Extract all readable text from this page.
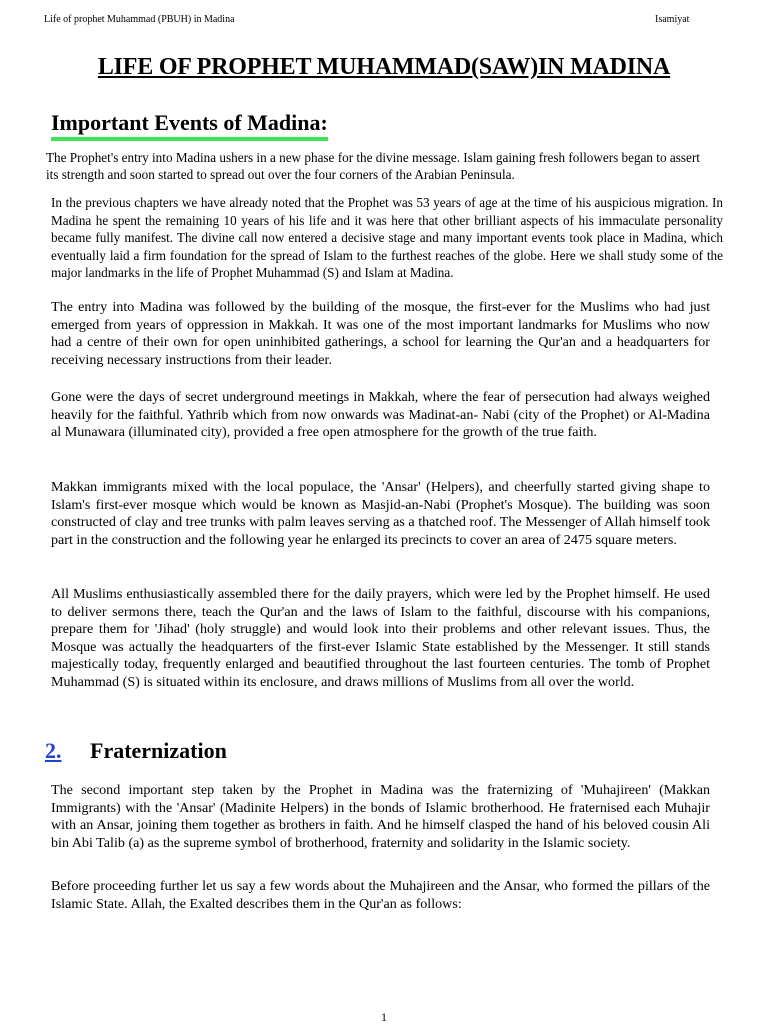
Life of prophet Muhammad (PBUH) in Madina	Isamiyat
LIFE OF PROPHET MUHAMMAD(SAW)IN MADINA
Important Events of Madina:

The Prophet's entry into Madina ushers in a new phase for the divine message. Islam gaining fresh followers began to assert its strength and soon started to spread out over the four corners of the Arabian Peninsula.

In the previous chapters we have already noted that the Prophet was 53 years of age at the time of his auspicious migration. In Madina he spent the remaining 10 years of his life and it was here that other brilliant aspects of his immaculate personality became fully manifest. The divine call now entered a decisive stage and many important events took place in Madina, which eventually laid a firm foundation for the spread of Islam to the furthest reaches of the globe. Here we shall study some of the major landmarks in the life of Prophet Muhammad (S) and Islam at Madina.

The entry into Madina was followed by the building of the mosque, the first-ever for the Muslims who had just emerged from years of oppression in Makkah. It was one of the most important landmarks for Muslims who now had a centre of their own for open uninhibited gatherings, a school for learning the Qur'an and a headquarters for receiving necessary instructions from their leader.

Gone were the days of secret underground meetings in Makkah, where the fear of persecution had always weighed heavily for the faithful. Yathrib which from now onwards was Madinat-an- Nabi (city of the Prophet) or Al-Madina al Munawara (illuminated city), provided a free open atmosphere for the growth of the true faith.

Makkan immigrants mixed with the local populace, the 'Ansar' (Helpers), and cheerfully started giving shape to Islam's first-ever mosque which would be known as Masjid-an-Nabi (Prophet's Mosque). The building was soon constructed of clay and tree trunks with palm leaves serving as a thatched roof. The Messenger of Allah himself took part in the construction and the following year he enlarged its precincts to cover an area of 2475 square meters.

All Muslims enthusiastically assembled there for the daily prayers, which were led by the Prophet himself. He used to deliver sermons there, teach the Qur'an and the laws of Islam to the faithful, discourse with his companions, prepare them for 'Jihad' (holy struggle) and would look into their problems and other relevant issues. Thus, the Mosque was actually the headquarters of the first-ever Islamic State established by the Messenger. It still stands majestically today, frequently enlarged and beautified throughout the last fourteen centuries. The tomb of Prophet Muhammad (S) is situated within its enclosure, and draws millions of Muslims from all over the world.

2. Fraternization

The second important step taken by the Prophet in Madina was the fraternizing of 'Muhajireen' (Makkan Immigrants) with the 'Ansar' (Madinite Helpers) in the bonds of Islamic brotherhood. He fraternised each Muhajir with an Ansar, joining them together as brothers in faith. And he himself clasped the hand of his beloved cousin Ali bin Abi Talib (a) as the supreme symbol of brotherhood, fraternity and solidarity in the Islamic society.

Before proceeding further let us say a few words about the Muhajireen and the Ansar, who formed the pillars of the Islamic State. Allah, the Exalted describes them in the Qur'an as follows:

1
